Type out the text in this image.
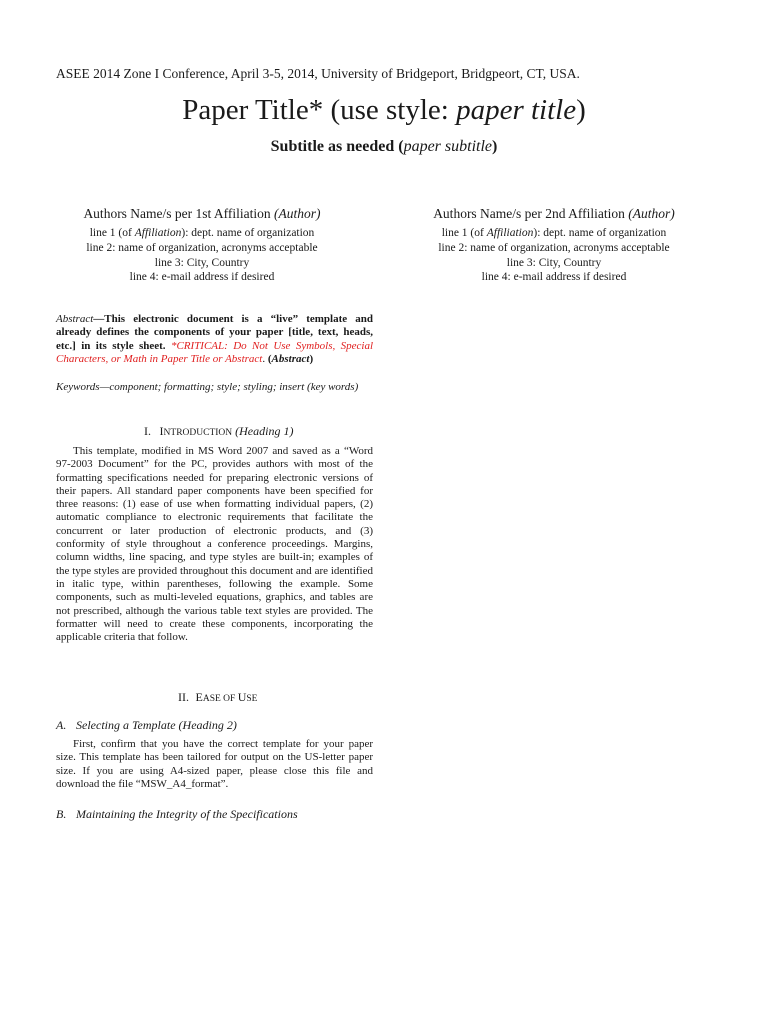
ASEE 2014 Zone I Conference, April 3-5, 2014, University of Bridgeport, Bridgpeort, CT, USA.
Paper Title* (use style: paper title)
Subtitle as needed (paper subtitle)
Authors Name/s per 1st Affiliation (Author)
line 1 (of Affiliation): dept. name of organization
line 2: name of organization, acronyms acceptable
line 3: City, Country
line 4: e-mail address if desired
Authors Name/s per 2nd Affiliation (Author)
line 1 (of Affiliation): dept. name of organization
line 2: name of organization, acronyms acceptable
line 3: City, Country
line 4: e-mail address if desired
Abstract—This electronic document is a “live” template and already defines the components of your paper [title, text, heads, etc.] in its style sheet. *CRITICAL: Do Not Use Symbols, Special Characters, or Math in Paper Title or Abstract. (Abstract)
Keywords—component; formatting; style; styling; insert (key words)
I. INTRODUCTION (Heading 1)
This template, modified in MS Word 2007 and saved as a “Word 97-2003 Document” for the PC, provides authors with most of the formatting specifications needed for preparing electronic versions of their papers. All standard paper components have been specified for three reasons: (1) ease of use when formatting individual papers, (2) automatic compliance to electronic requirements that facilitate the concurrent or later production of electronic products, and (3) conformity of style throughout a conference proceedings. Margins, column widths, line spacing, and type styles are built-in; examples of the type styles are provided throughout this document and are identified in italic type, within parentheses, following the example. Some components, such as multi-leveled equations, graphics, and tables are not prescribed, although the various table text styles are provided. The formatter will need to create these components, incorporating the applicable criteria that follow.
II. EASE OF USE
A. Selecting a Template (Heading 2)
First, confirm that you have the correct template for your paper size. This template has been tailored for output on the US-letter paper size. If you are using A4-sized paper, please close this file and download the file “MSW_A4_format”.
B. Maintaining the Integrity of the Specifications
